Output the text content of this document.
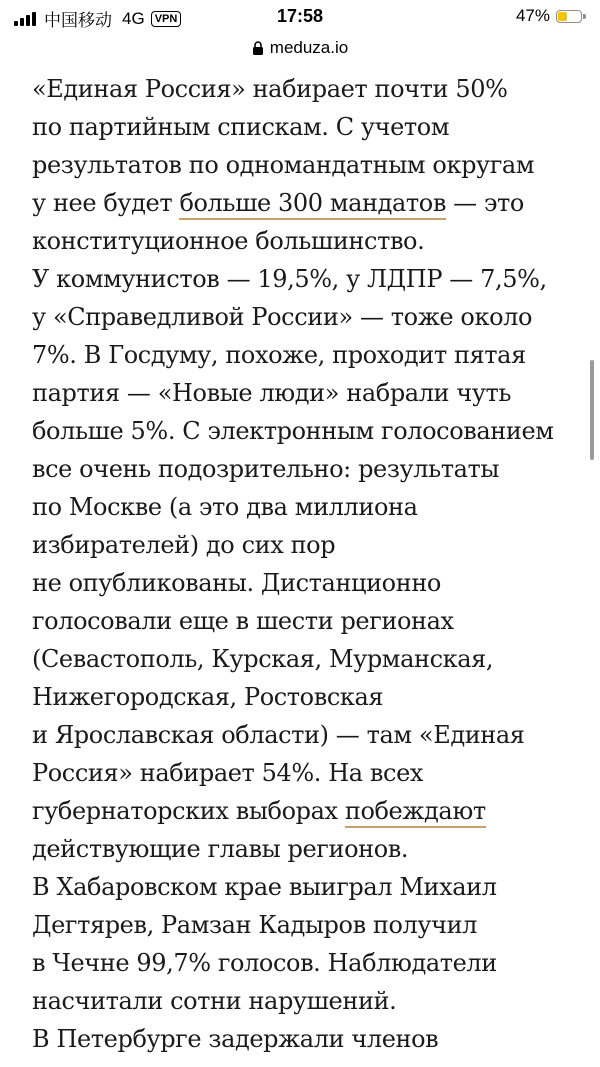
中国移动 4G VPN	17:58	47%
meduza.io
«Единая Россия» набирает почти 50%
по партийным спискам. С учетом
результатов по одномандатным округам
у нее будет больше 300 мандатов — это
конституционное большинство.
У коммунистов — 19,5%, у ЛДПР — 7,5%,
у «Справедливой России» — тоже около
7%. В Госдуму, похоже, проходит пятая
партия — «Новые люди» набрали чуть
больше 5%. С электронным голосованием
все очень подозрительно: результаты
по Москве (а это два миллиона
избирателей) до сих пор
не опубликованы. Дистанционно
голосовали еще в шести регионах
(Севастополь, Курская, Мурманская,
Нижегородская, Ростовская
и Ярославская области) — там «Единая
Россия» набирает 54%. На всех
губернаторских выборах побеждают
действующие главы регионов.
В Хабаровском крае выиграл Михаил
Дегтярев, Рамзан Кадыров получил
в Чечне 99,7% голосов. Наблюдатели
насчитали сотни нарушений.
В Петербурге задержали членов
